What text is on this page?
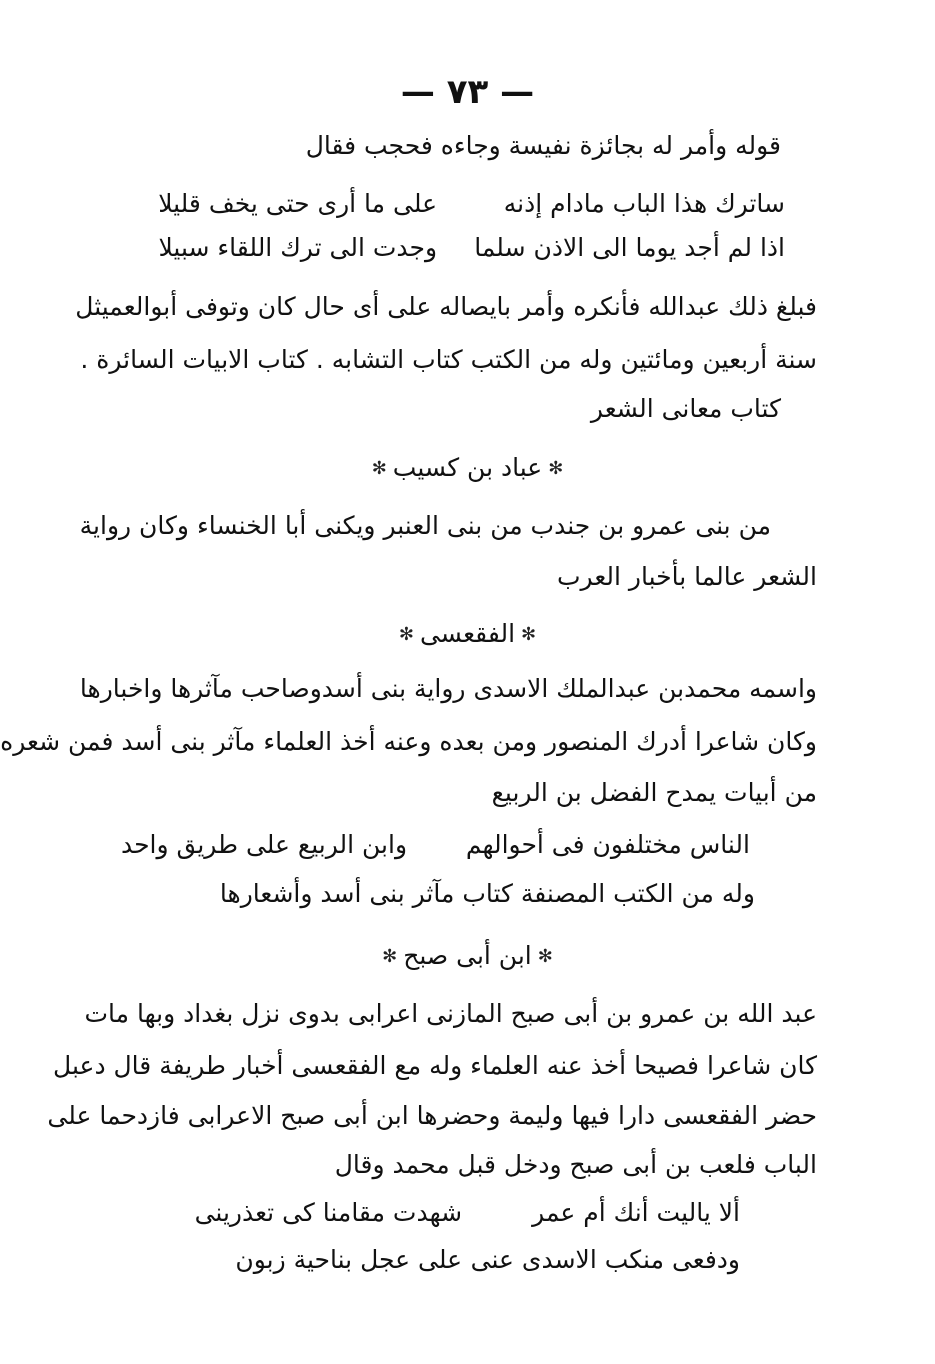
— ٧٣ —
قوله وأمر له بجائزة نفيسة وجاءه فحجب فقال
ساترك هذا الباب مادام إذنه على ما أرى حتى يخف قليلا
اذا لم أجد يوما الى الاذن سلما وجدت الى ترك اللقاء سبيلا
فبلغ ذلك عبدالله فأنكره وأمر بايصاله على أى حال كان وتوفى أبوالعميثل
سنة أربعين ومائتين وله من الكتب كتاب التشابه . كتاب الابيات السائرة .
كتاب معانى الشعر
✻عباد بن كسيب✻
من بنى عمرو بن جندب من بنى العنبر ويكنى أبا الخنساء وكان رواية
الشعر عالما بأخبار العرب
✻الفقعسى✻
واسمه محمدبن عبدالملك الاسدى رواية بنى أسدوصاحب مآثرها واخبارها
وكان شاعرا أدرك المنصور ومن بعده وعنه أخذ العلماء مآثر بنى أسد فمن شعره
من أبيات يمدح الفضل بن الربيع
الناس مختلفون فى أحوالهم وابن الربيع على طريق واحد
وله من الكتب المصنفة كتاب مآثر بنى أسد وأشعارها
✻ابن أبى صبح✻
عبد الله بن عمرو بن أبى صبح المازنى اعرابى بدوى نزل بغداد وبها مات
كان شاعرا فصيحا أخذ عنه العلماء وله مع الفقعسى أخبار طريفة قال دعبل
حضر الفقعسى دارا فيها وليمة وحضرها ابن أبى صبح الاعرابى فازدحما على
الباب فلعب بن أبى صبح ودخل قبل محمد وقال
ألا ياليت أنك أم عمر شهدت مقامنا كى تعذرينى
ودفعى منكب الاسدى عنى على عجل بناحية زبون
